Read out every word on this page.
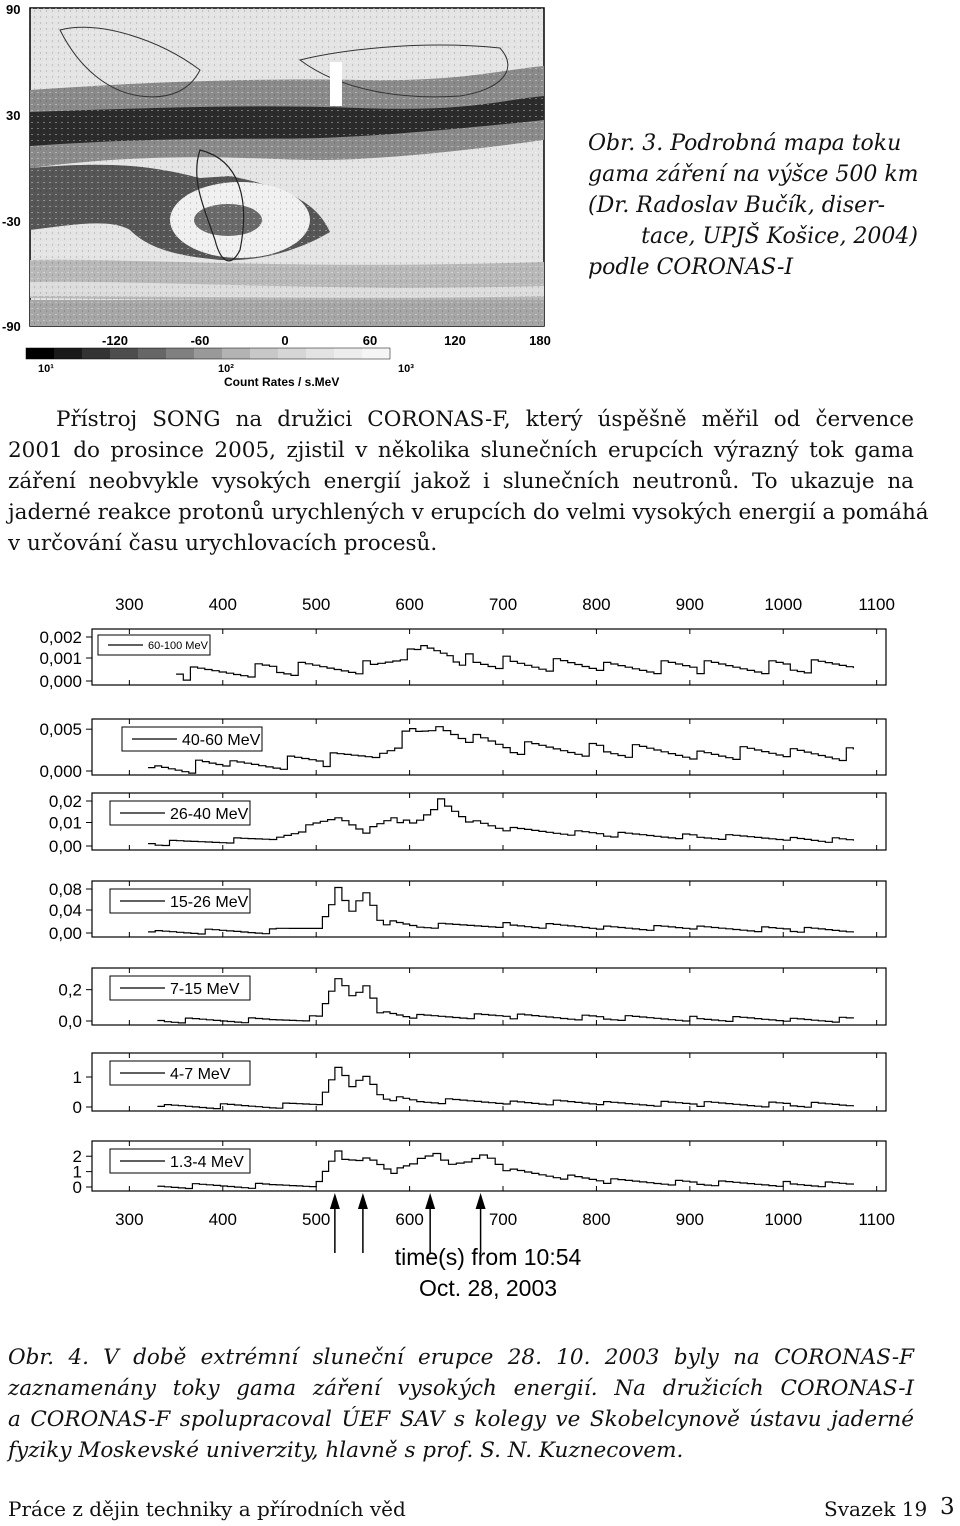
90
30
-30
-90
-120	-60	0	60	120	180
10¹	10²	10³
Count Rates / s.MeV
Obr. 3. Podrobná mapa toku
gama záření na výšce 500 km
(Dr. Radoslav Bučík, diser-
tace, UPJŠ Košice, 2004)
podle CORONAS-I
Přístroj SONG na družici CORONAS-F, který úspěšně měřil od července
2001 do prosince 2005, zjistil v několika slunečních erupcích výrazný tok gama
záření neobvykle vysokých energií jakož i slunečních neutronů. To ukazuje na
jaderné reakce protonů urychlených v erupcích do velmi vysokých energií a pomáhá
v určování času urychlovacích procesů.
300	400	500	600	700	800	900	1000	1100
0,002
0,001
0,000
60-100 MeV
0,005
0,000
40-60 MeV
0,02
0,01
0,00
26-40 MeV
0,08
0,04
0,00
15-26 MeV
0,2
0,0
7-15 MeV
1
0
4-7 MeV
2
1
0
1.3-4 MeV
300	400	500	600	700	800	900	1000	1100
time(s) from 10:54
Oct. 28, 2003
Obr. 4. V době extrémní sluneční erupce 28. 10. 2003 byly na CORONAS-F
zaznamenány toky gama záření vysokých energií. Na družicích CORONAS-I
a CORONAS-F spolupracoval ÚEF SAV s kolegy ve Skobelcynově ústavu jaderné
fyziky Moskevské univerzity, hlavně s prof. S. N. Kuznecovem.
Práce z dějin techniky a přírodních věd	Svazek 19 3
